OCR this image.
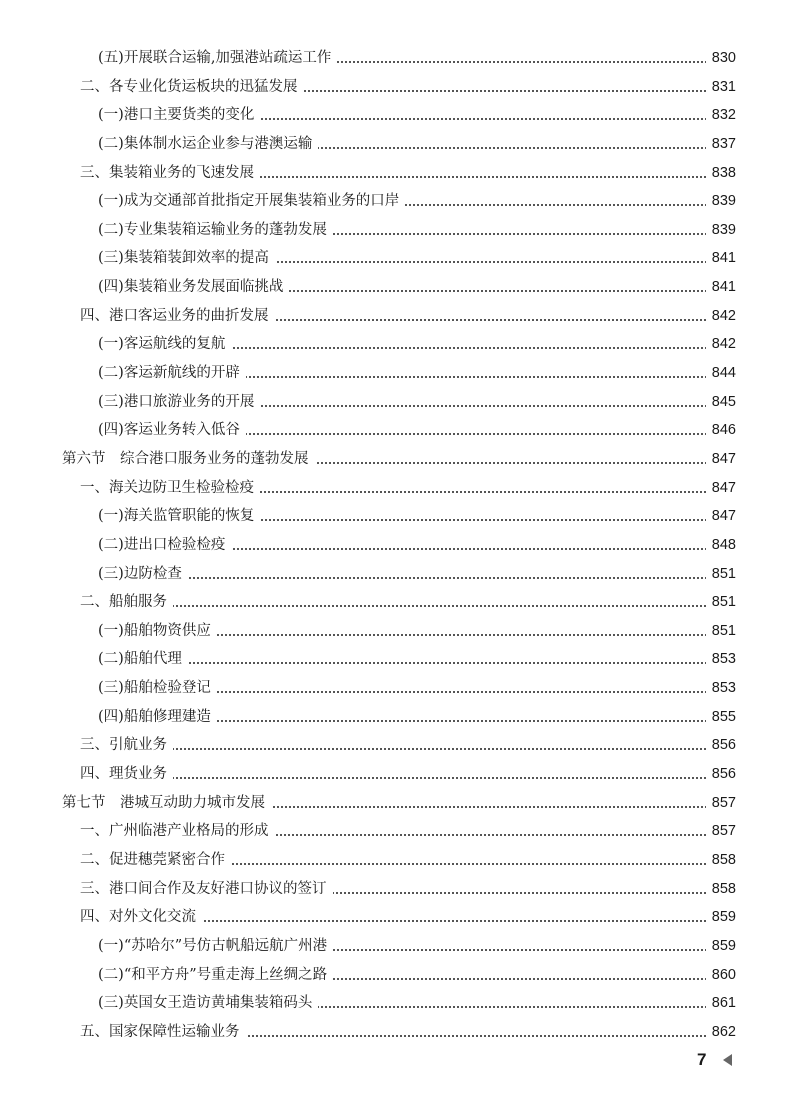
(五)开展联合运输,加强港站疏运工作	830
二、各专业化货运板块的迅猛发展	831
(一)港口主要货类的变化	832
(二)集体制水运企业参与港澳运输	837
三、集装箱业务的飞速发展	838
(一)成为交通部首批指定开展集装箱业务的口岸	839
(二)专业集装箱运输业务的蓬勃发展	839
(三)集装箱装卸效率的提高	841
(四)集装箱业务发展面临挑战	841
四、港口客运业务的曲折发展	842
(一)客运航线的复航	842
(二)客运新航线的开辟	844
(三)港口旅游业务的开展	845
(四)客运业务转入低谷	846
第六节　综合港口服务业务的蓬勃发展	847
一、海关边防卫生检验检疫	847
(一)海关监管职能的恢复	847
(二)进出口检验检疫	848
(三)边防检查	851
二、船舶服务	851
(一)船舶物资供应	851
(二)船舶代理	853
(三)船舶检验登记	853
(四)船舶修理建造	855
三、引航业务	856
四、理货业务	856
第七节　港城互动助力城市发展	857
一、广州临港产业格局的形成	857
二、促进穗莞紧密合作	858
三、港口间合作及友好港口协议的签订	858
四、对外文化交流	859
(一)“苏哈尔”号仿古帆船远航广州港	859
(二)“和平方舟”号重走海上丝绸之路	860
(三)英国女王造访黄埔集装箱码头	861
五、国家保障性运输业务	862
7
